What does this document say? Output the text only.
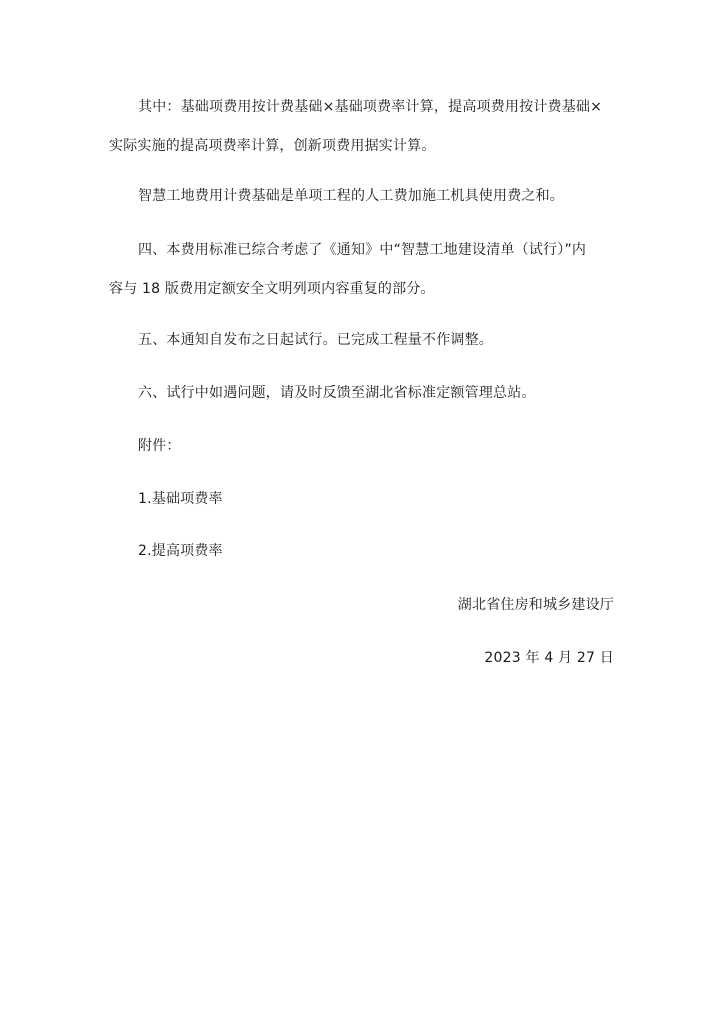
其中：基础项费用按计费基础×基础项费率计算，提高项费用按计费基础×
实际实施的提高项费率计算，创新项费用据实计算。
智慧工地费用计费基础是单项工程的人工费加施工机具使用费之和。
四、本费用标准已综合考虑了《通知》中“智慧工地建设清单（试行）”内
容与 18 版费用定额安全文明列项内容重复的部分。
五、本通知自发布之日起试行。已完成工程量不作调整。
六、试行中如遇问题，请及时反馈至湖北省标准定额管理总站。
附件：
1.基础项费率
2.提高项费率
湖北省住房和城乡建设厅
2023 年 4 月 27 日
